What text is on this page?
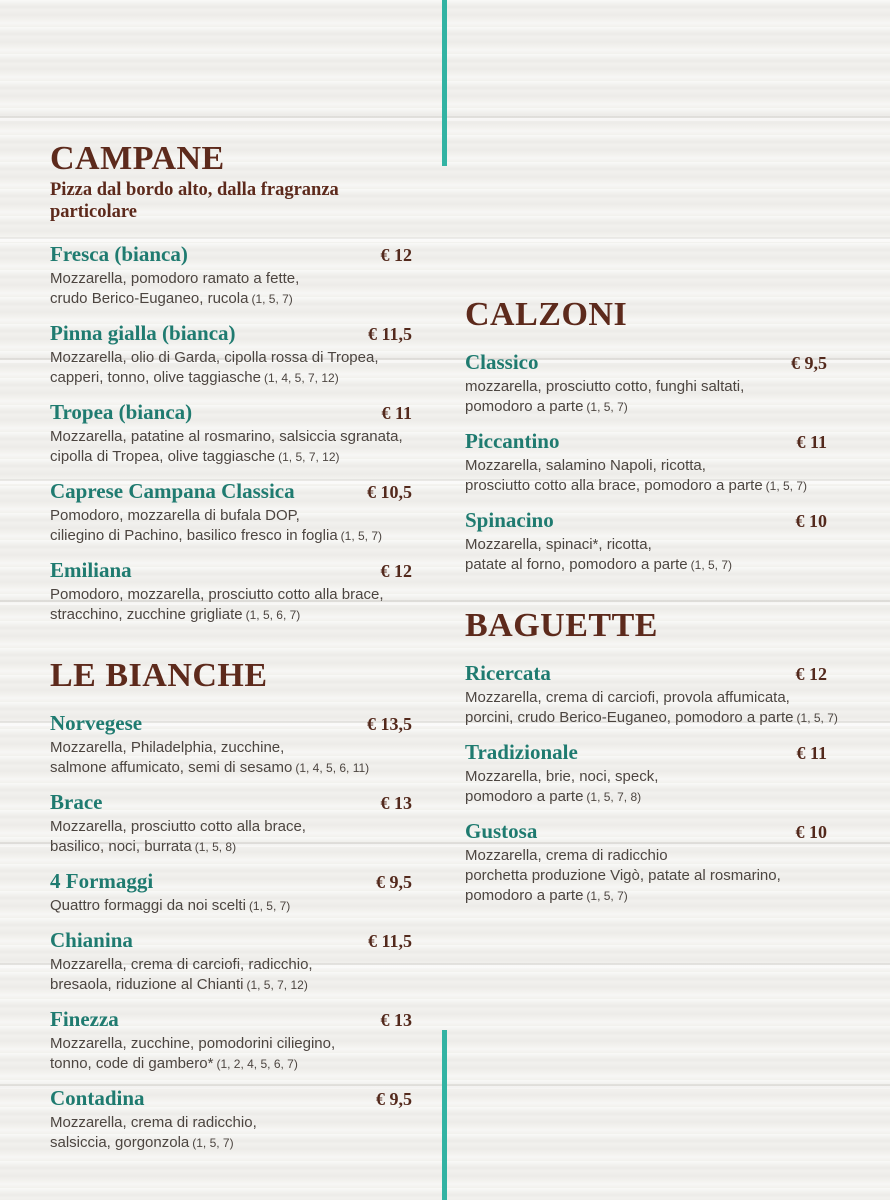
CAMPANE

Pizza dal bordo alto, dalla fragranza particolare

Fresca (bianca)	€ 12
Mozzarella, pomodoro ramato a fette,
crudo Berico-Euganeo, rucola (1, 5, 7)
Pinna gialla (bianca)	€ 11,5
Mozzarella, olio di Garda, cipolla rossa di Tropea,
capperi, tonno, olive taggiasche (1, 4, 5, 7, 12)
Tropea (bianca)	€ 11
Mozzarella, patatine al rosmarino, salsiccia sgranata,
cipolla di Tropea, olive taggiasche (1, 5, 7, 12)
Caprese Campana Classica	€ 10,5
Pomodoro, mozzarella di bufala DOP,
ciliegino di Pachino, basilico fresco in foglia (1, 5, 7)
Emiliana	€ 12
Pomodoro, mozzarella, prosciutto cotto alla brace,
stracchino, zucchine grigliate (1, 5, 6, 7)
LE BIANCHE
Norvegese	€ 13,5
Mozzarella, Philadelphia, zucchine,
salmone affumicato, semi di sesamo (1, 4, 5, 6, 11)
Brace	€ 13
Mozzarella, prosciutto cotto alla brace,
basilico, noci, burrata (1, 5, 8)
4 Formaggi	€ 9,5
Quattro formaggi da noi scelti (1, 5, 7)
Chianina	€ 11,5
Mozzarella, crema di carciofi, radicchio,
bresaola, riduzione al Chianti (1, 5, 7, 12)
Finezza	€ 13
Mozzarella, zucchine, pomodorini ciliegino,
tonno, code di gambero* (1, 2, 4, 5, 6, 7)
Contadina	€ 9,5
Mozzarella, crema di radicchio,
salsiccia, gorgonzola (1, 5, 7)
CALZONI
Classico	€ 9,5
mozzarella, prosciutto cotto, funghi saltati,
pomodoro a parte (1, 5, 7)
Piccantino	€ 11
Mozzarella, salamino Napoli, ricotta,
prosciutto cotto alla brace, pomodoro a parte (1, 5, 7)
Spinacino	€ 10
Mozzarella, spinaci*, ricotta,
patate al forno, pomodoro a parte (1, 5, 7)
BAGUETTE
Ricercata	€ 12
Mozzarella, crema di carciofi, provola affumicata,
porcini, crudo Berico-Euganeo, pomodoro a parte (1, 5, 7)
Tradizionale	€ 11
Mozzarella, brie, noci, speck,
pomodoro a parte (1, 5, 7, 8)
Gustosa	€ 10
Mozzarella, crema di radicchio
porchetta produzione Vigò, patate al rosmarino,
pomodoro a parte (1, 5, 7)
